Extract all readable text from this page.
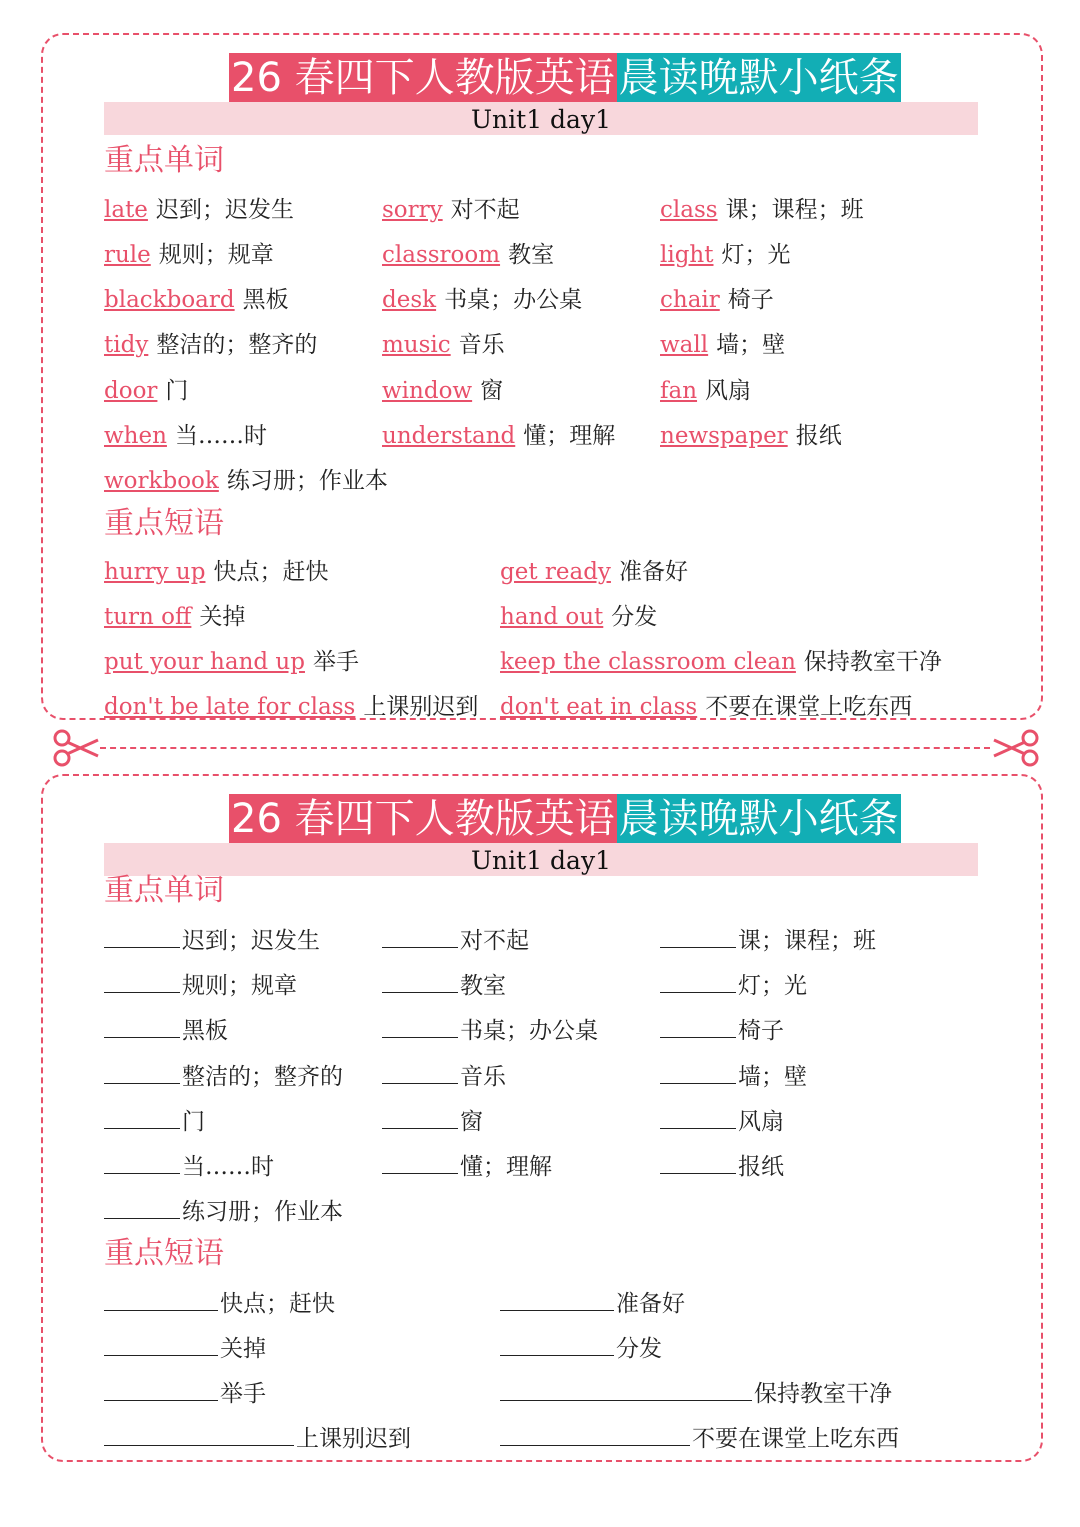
26 春四下人教版英语 晨读晚默小纸条
Unit1 day1
重点单词
late 迟到；迟发生	sorry 对不起	class 课；课程；班
rule 规则；规章	classroom 教室	light 灯；光
blackboard 黑板	desk 书桌；办公桌	chair 椅子
tidy 整洁的；整齐的	music 音乐	wall 墙；壁
door 门	window 窗	fan 风扇
when 当……时	understand 懂；理解 newspaper 报纸
workbook 练习册；作业本
重点短语
hurry up 快点；赶快	get ready 准备好
turn off 关掉	hand out 分发
put your hand up 举手	keep the classroom clean 保持教室干净
don't be late for class 上课别迟到 don't eat in class 不要在课堂上吃东西
26 春四下人教版英语 晨读晚默小纸条
Unit1 day1
重点单词
迟到；迟发生	对不起	课；课程；班
规则；规章	教室	灯；光
黑板	书桌；办公桌	椅子
整洁的；整齐的	音乐	墙；壁
门	窗	风扇
当……时	懂；理解	报纸
练习册；作业本
重点短语
快点；赶快	准备好
关掉	分发
举手	保持教室干净
上课别迟到	不要在课堂上吃东西
